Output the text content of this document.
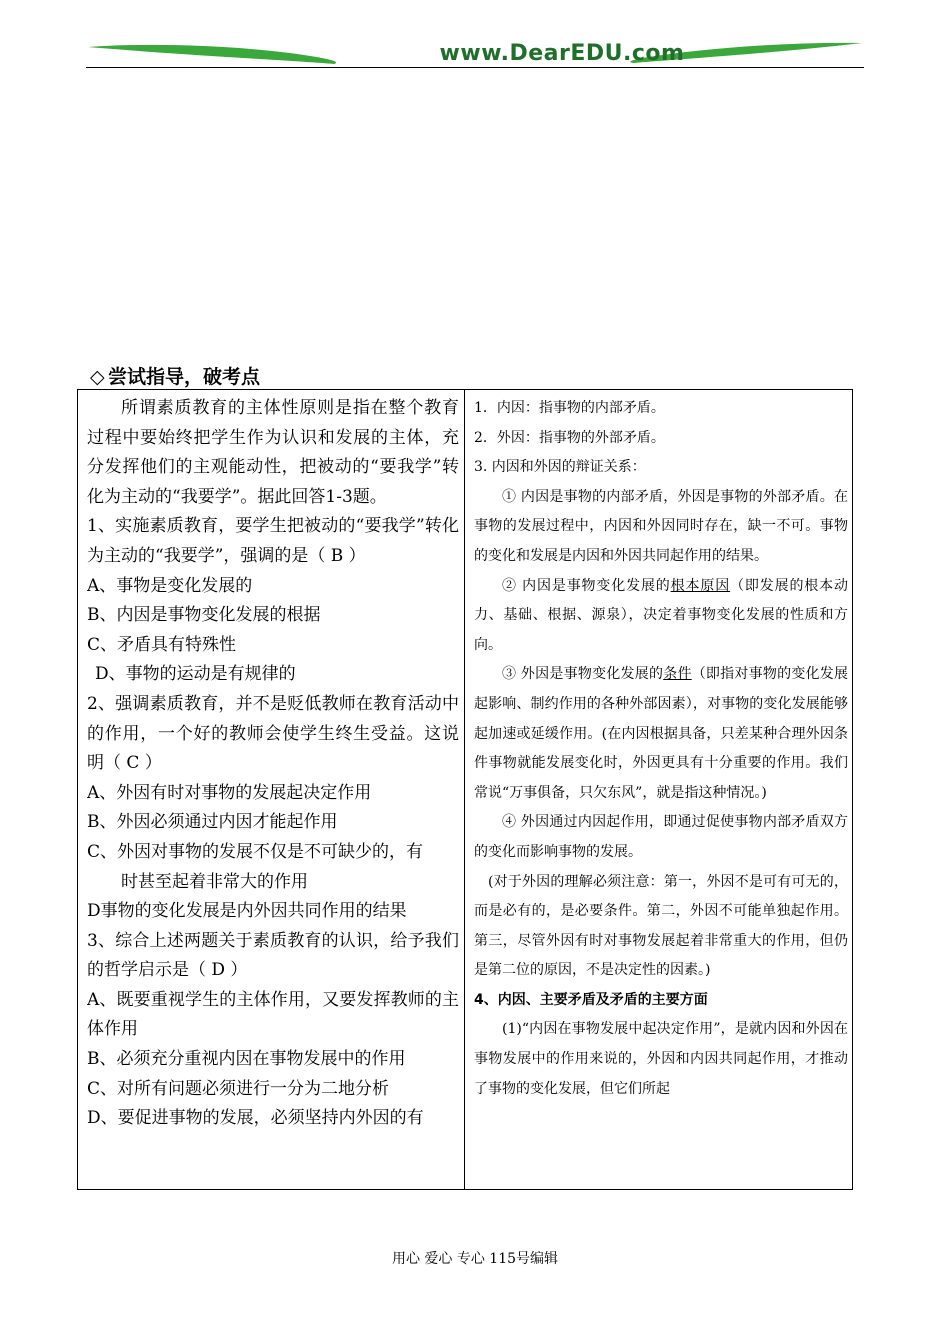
www.DearEDU.com
◇ 尝试指导，破考点

所谓素质教育的主体性原则是指在整个教育过程中要始终把学生作为认识和发展的主体，充分发挥他们的主观能动性，把被动的“要我学”转化为主动的“我要学”。据此回答1-3题。

1、实施素质教育，要学生把被动的“要我学”转化为主动的“我要学”，强调的是（ B ）

A、事物是变化发展的

B、内因是事物变化发展的根据

C、矛盾具有特殊性

D、事物的运动是有规律的

2、强调素质教育，并不是贬低教师在教育活动中的作用，一个好的教师会使学生终生受益。这说明（ C ）

A、外因有时对事物的发展起决定作用

B、外因必须通过内因才能起作用

C、外因对事物的发展不仅是不可缺少的，有

时甚至起着非常大的作用

D事物的变化发展是内外因共同作用的结果

3、综合上述两题关于素质教育的认识，给予我们的哲学启示是（ D ）

A、既要重视学生的主体作用，又要发挥教师的主体作用

B、必须充分重视内因在事物发展中的作用

C、对所有问题必须进行一分为二地分析

D、要促进事物的发展，必须坚持内外因的有

1．内因：指事物的内部矛盾。

2．外因：指事物的外部矛盾。

3. 内因和外因的辩证关系：

① 内因是事物的内部矛盾，外因是事物的外部矛盾。在事物的发展过程中，内因和外因同时存在，缺一不可。事物的变化和发展是内因和外因共同起作用的结果。

② 内因是事物变化发展的根本原因（即发展的根本动力、基础、根据、源泉），决定着事物变化发展的性质和方向。

③ 外因是事物变化发展的条件（即指对事物的变化发展起影响、制约作用的各种外部因素），对事物的变化发展能够起加速或延缓作用。(在内因根据具备，只差某种合理外因条件事物就能发展变化时，外因更具有十分重要的作用。我们常说“万事俱备，只欠东风”，就是指这种情况。)

④ 外因通过内因起作用，即通过促使事物内部矛盾双方的变化而影响事物的发展。

(对于外因的理解必须注意：第一，外因不是可有可无的，而是必有的，是必要条件。第二，外因不可能单独起作用。第三，尽管外因有时对事物发展起着非常重大的作用，但仍是第二位的原因，不是决定性的因素。)

4、内因、主要矛盾及矛盾的主要方面

(1)“内因在事物发展中起决定作用”，是就内因和外因在事物发展中的作用来说的，外因和内因共同起作用，才推动了事物的变化发展，但它们所起

用心 爱心 专心 115号编辑
